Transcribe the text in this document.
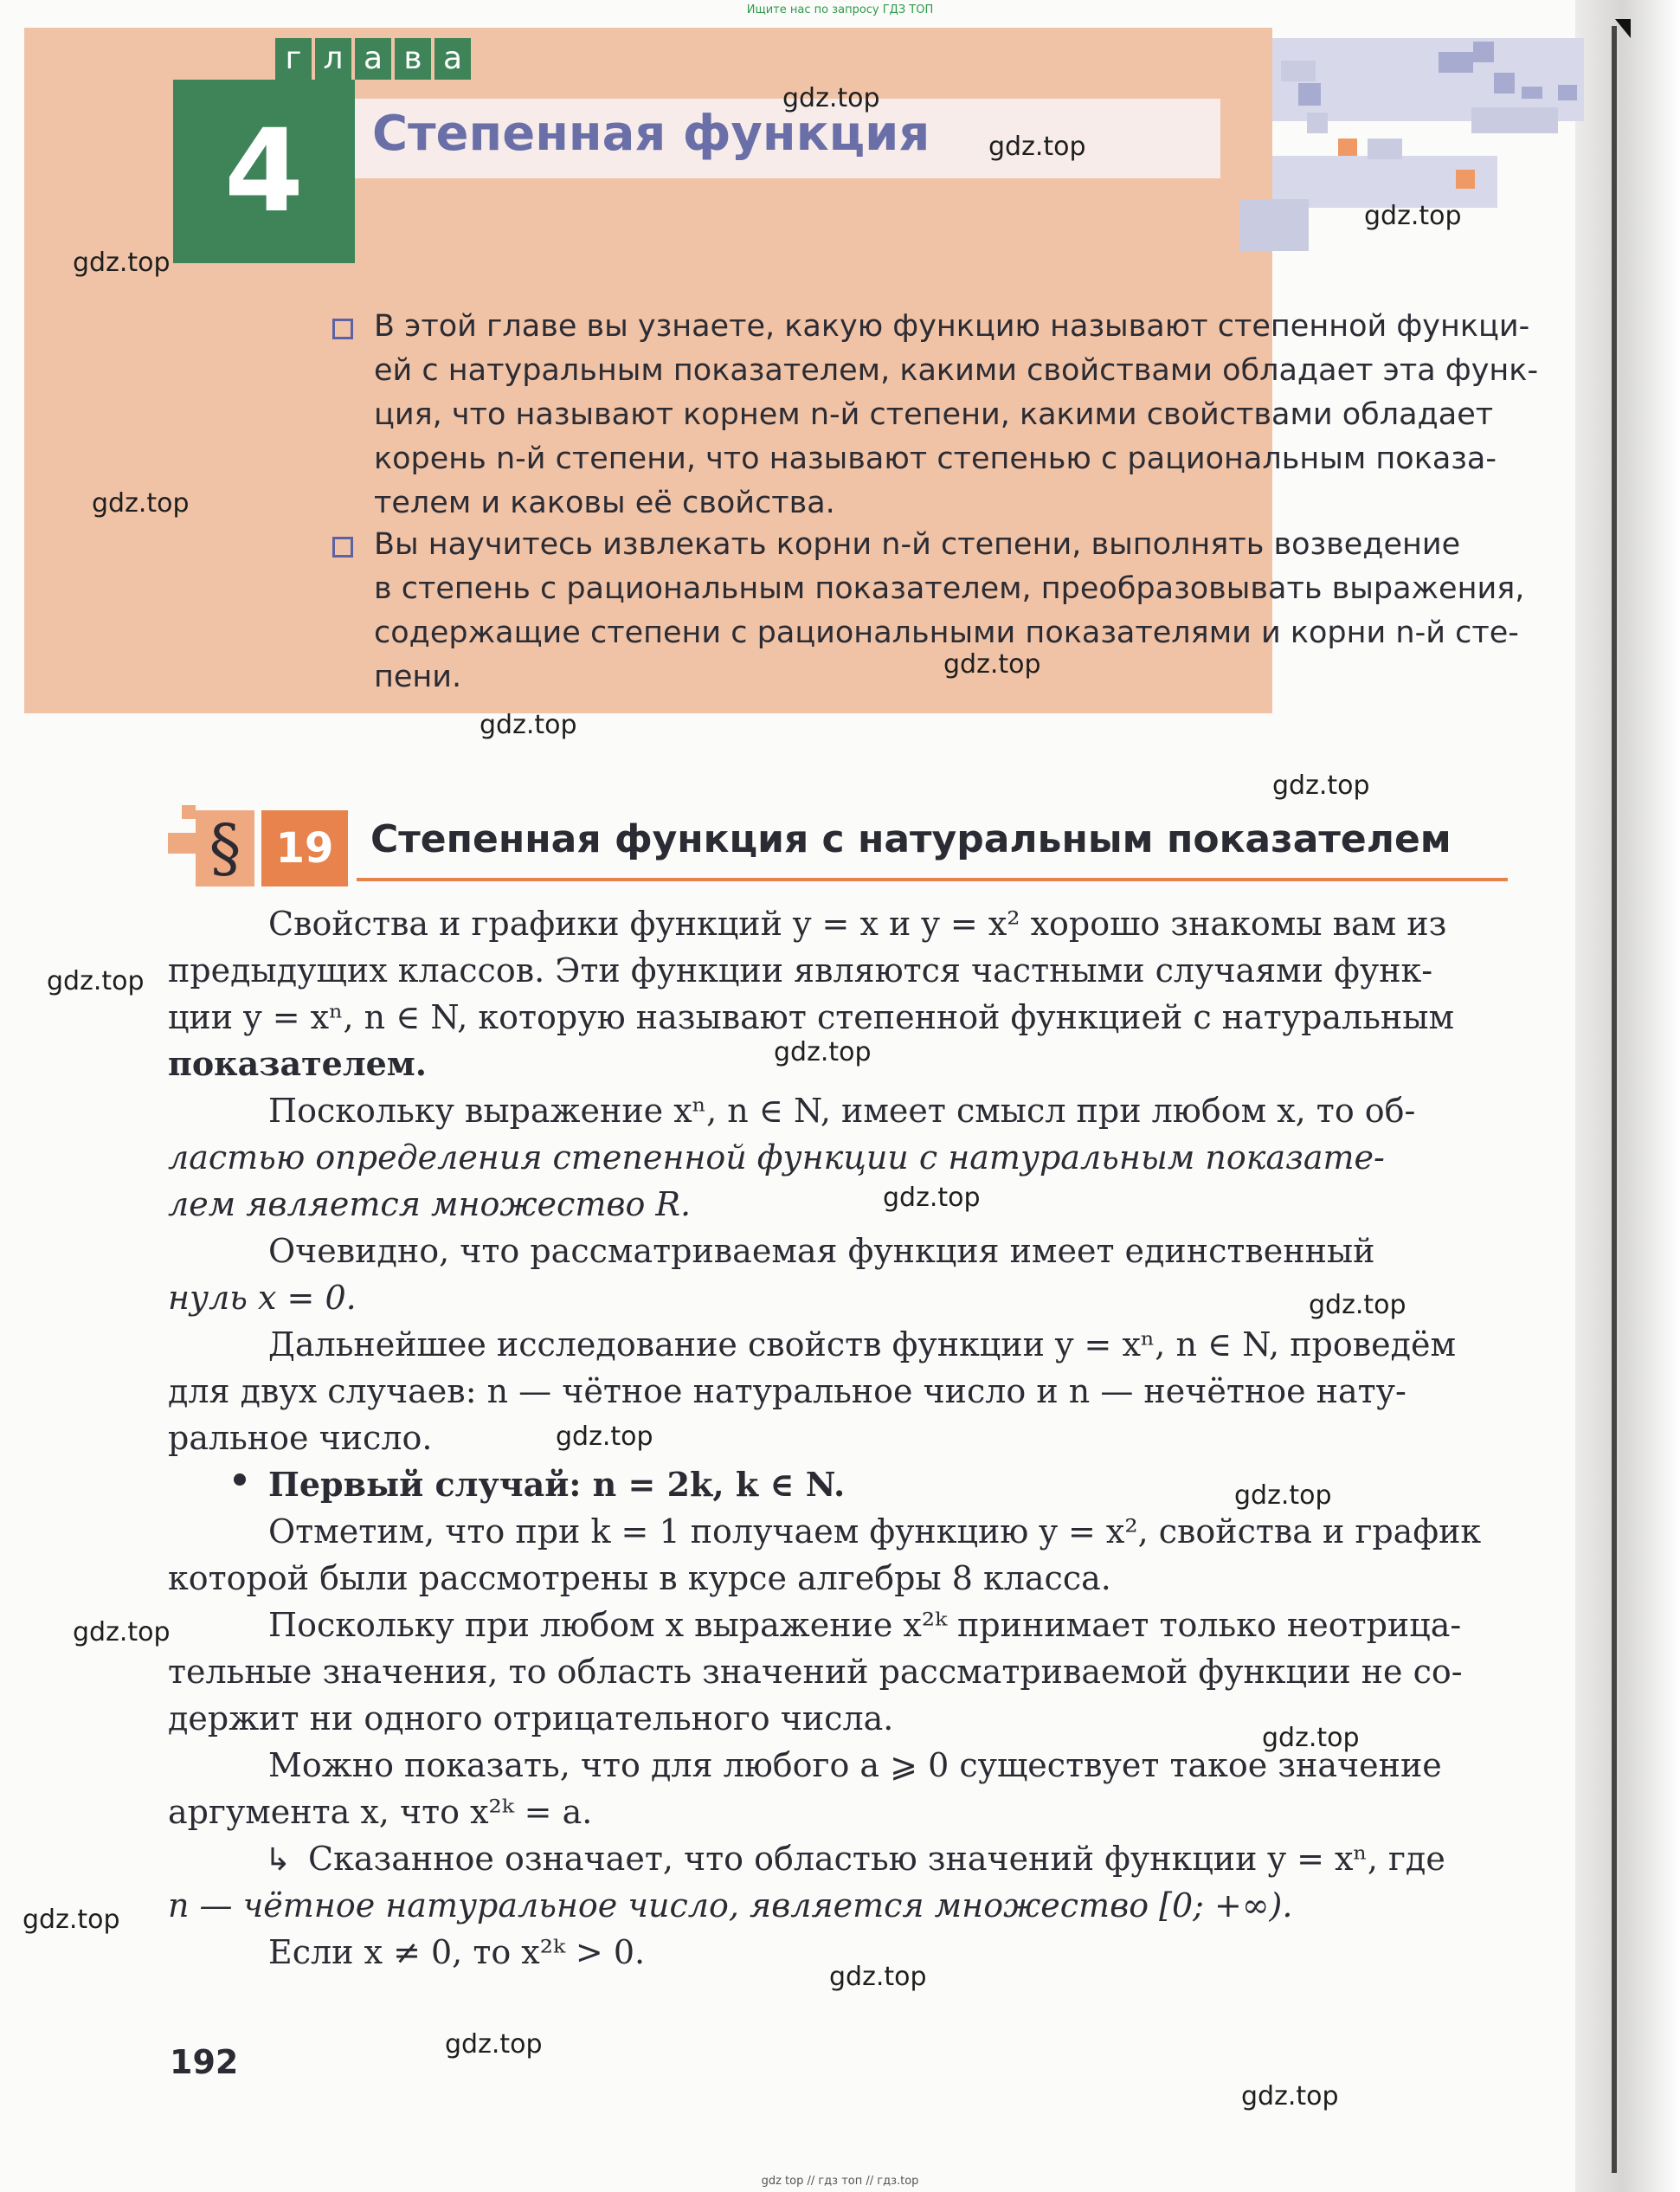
Ищите нас по запросу ГДЗ ТОП
г л а в а
4	Степенная функция
В этой главе вы узнаете, какую функцию называют степенной функци-
ей с натуральным показателем, какими свойствами обладает эта функ-
ция, что называют корнем n-й степени, какими свойствами обладает
корень n-й степени, что называют степенью с рациональным показа-
телем и каковы её свойства.
Вы научитесь извлекать корни n-й степени, выполнять возведение
в степень с рациональным показателем, преобразовывать выражения,
содержащие степени с рациональными показателями и корни n-й сте-
пени.
§ 19 Степенная функция с натуральным показателем
Свойства и графики функций y = x и y = x² хорошо знакомы вам из
предыдущих классов. Эти функции являются частными случаями функ-
ции y = xⁿ, n ∈ N, которую называют степенной функцией с натуральным
показателем.
Поскольку выражение xⁿ, n ∈ N, имеет смысл при любом x, то об-
ластью определения степенной функции с натуральным показате-
лем является множество R.
Очевидно, что рассматриваемая функция имеет единственный
нуль x = 0.
Дальнейшее исследование свойств функции y = xⁿ, n ∈ N, проведём
для двух случаев: n — чётное натуральное число и n — нечётное нату-
ральное число.
Первый случай: n = 2k, k ∈ N.
Отметим, что при k = 1 получаем функцию y = x², свойства и график
которой были рассмотрены в курсе алгебры 8 класса.
Поскольку при любом x выражение x²ᵏ принимает только неотрица-
тельные значения, то область значений рассматриваемой функции не со-
держит ни одного отрицательного числа.
Можно показать, что для любого a ⩾ 0 существует такое значение
аргумента x, что x²ᵏ = a.
Сказанное означает, что областью значений функции y = xⁿ, где
n — чётное натуральное число, является множество [0; +∞).
Если x ≠ 0, то x²ᵏ > 0.
↳
192
gdz.top
gdz.top
gdz.top
gdz.top
gdz.top
gdz.top
gdz.top
gdz.top
gdz.top
gdz.top
gdz.top
gdz.top
gdz.top
gdz.top
gdz.top
gdz.top
gdz.top
gdz.top
gdz.top
gdz.top
gdz top // гдз топ // гдз.top
